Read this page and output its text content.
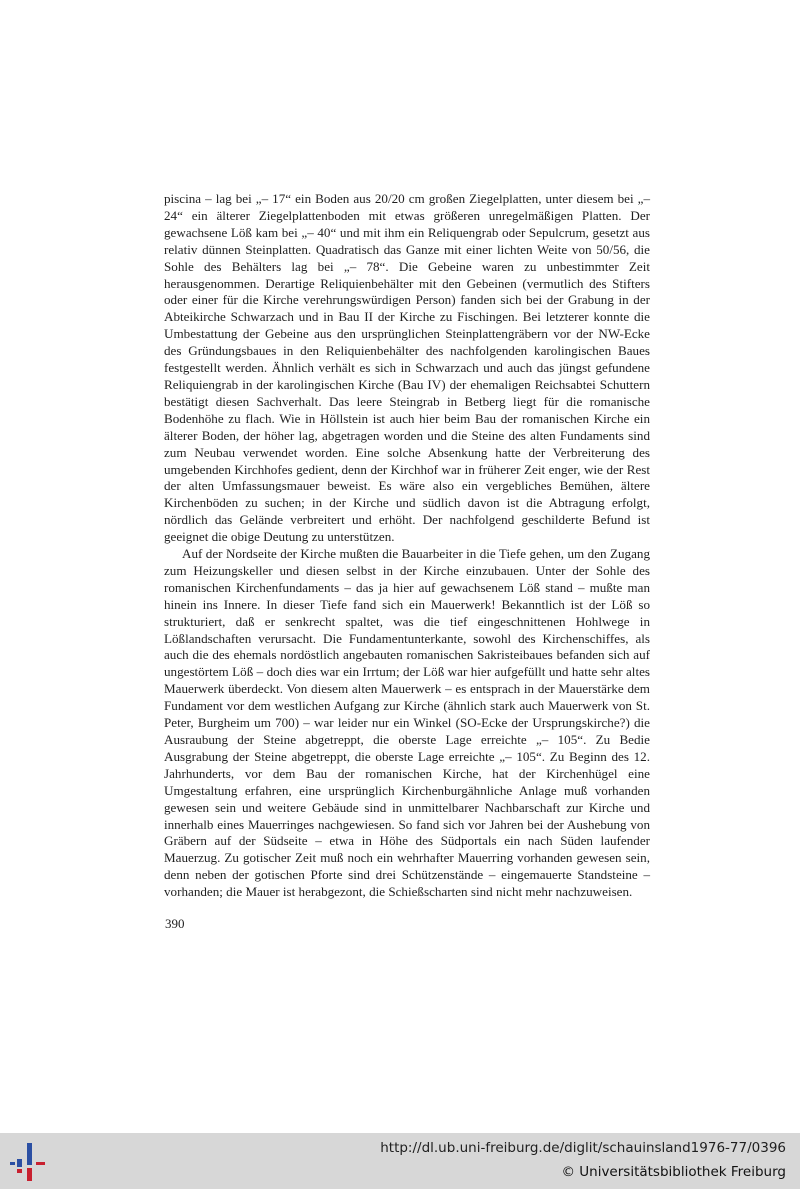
piscina – lag bei „– 17“ ein Boden aus 20/20 cm großen Ziegelplatten, unter diesem bei „– 24“ ein älterer Ziegelplattenboden mit etwas größeren unregelmäßigen Platten. Der gewachsene Löß kam bei „– 40“ und mit ihm ein Reliquengrab oder Sepulcrum, gesetzt aus relativ dünnen Steinplatten. Quadratisch das Ganze mit einer lichten Weite von 50/56, die Sohle des Behälters lag bei „– 78“. Die Gebeine waren zu unbestimmter Zeit herausgenommen. Derartige Reliquienbehälter mit den Gebeinen (vermutlich des Stifters oder einer für die Kirche verehrungswürdigen Person) fanden sich bei der Grabung in der Abteikirche Schwarzach und in Bau II der Kirche zu Fischingen. Bei letzterer konnte die Umbestattung der Gebeine aus den ursprünglichen Steinplattengräbern vor der NW-Ecke des Gründungsbaues in den Reliquienbehälter des nachfolgenden karolingischen Baues festgestellt werden. Ähnlich verhält es sich in Schwarzach und auch das jüngst gefundene Reliquiengrab in der karolingischen Kirche (Bau IV) der ehemaligen Reichsabtei Schuttern bestätigt diesen Sachverhalt. Das leere Steingrab in Betberg liegt für die romanische Bodenhöhe zu flach. Wie in Höllstein ist auch hier beim Bau der romanischen Kirche ein älterer Boden, der höher lag, abgetragen worden und die Steine des alten Fundaments sind zum Neubau verwendet worden. Eine solche Absenkung hatte der Verbreiterung des umgebenden Kirchhofes gedient, denn der Kirchhof war in früherer Zeit enger, wie der Rest der alten Umfassungsmauer beweist. Es wäre also ein vergebliches Bemühen, ältere Kirchenböden zu suchen; in der Kirche und südlich davon ist die Abtragung erfolgt, nördlich das Gelände verbreitert und erhöht. Der nachfolgend geschilderte Befund ist geeignet die obige Deutung zu unterstützen.

Auf der Nordseite der Kirche mußten die Bauarbeiter in die Tiefe gehen, um den Zugang zum Heizungskeller und diesen selbst in der Kirche einzubauen. Unter der Sohle des romanischen Kirchenfundaments – das ja hier auf gewachsenem Löß stand – mußte man hinein ins Innere. In dieser Tiefe fand sich ein Mauerwerk! Bekanntlich ist der Löß so strukturiert, daß er senkrecht spaltet, was die tief eingeschnittenen Hohlwege in Lößlandschaften verursacht. Die Fundamentunterkante, sowohl des Kirchenschiffes, als auch die des ehemals nordöstlich angebauten romanischen Sakristeibaues befanden sich auf ungestörtem Löß – doch dies war ein Irrtum; der Löß war hier aufgefüllt und hatte sehr altes Mauerwerk überdeckt. Von diesem alten Mauerwerk – es entsprach in der Mauerstärke dem Fundament vor dem westlichen Aufgang zur Kirche (ähnlich stark auch Mauerwerk von St. Peter, Burgheim um 700) – war leider nur ein Winkel (SO-Ecke der Ursprungskirche?) die Ausraubung der Steine abgetreppt, die oberste Lage erreichte „– 105“. Zu Bedie Ausgrabung der Steine abgetreppt, die oberste Lage erreichte „– 105“. Zu Beginn des 12. Jahrhunderts, vor dem Bau der romanischen Kirche, hat der Kirchenhügel eine Umgestaltung erfahren, eine ursprünglich Kirchenburgähnliche Anlage muß vorhanden gewesen sein und weitere Gebäude sind in unmittelbarer Nachbarschaft zur Kirche und innerhalb eines Mauerringes nachgewiesen. So fand sich vor Jahren bei der Aushebung von Gräbern auf der Südseite – etwa in Höhe des Südportals ein nach Süden laufender Mauerzug. Zu gotischer Zeit muß noch ein wehrhafter Mauerring vorhanden gewesen sein, denn neben der gotischen Pforte sind drei Schützenstände – eingemauerte Standsteine – vorhanden; die Mauer ist herabgezont, die Schießscharten sind nicht mehr nachzuweisen.

390
http://dl.ub.uni-freiburg.de/diglit/schauinsland1976-77/0396
© Universitätsbibliothek Freiburg
